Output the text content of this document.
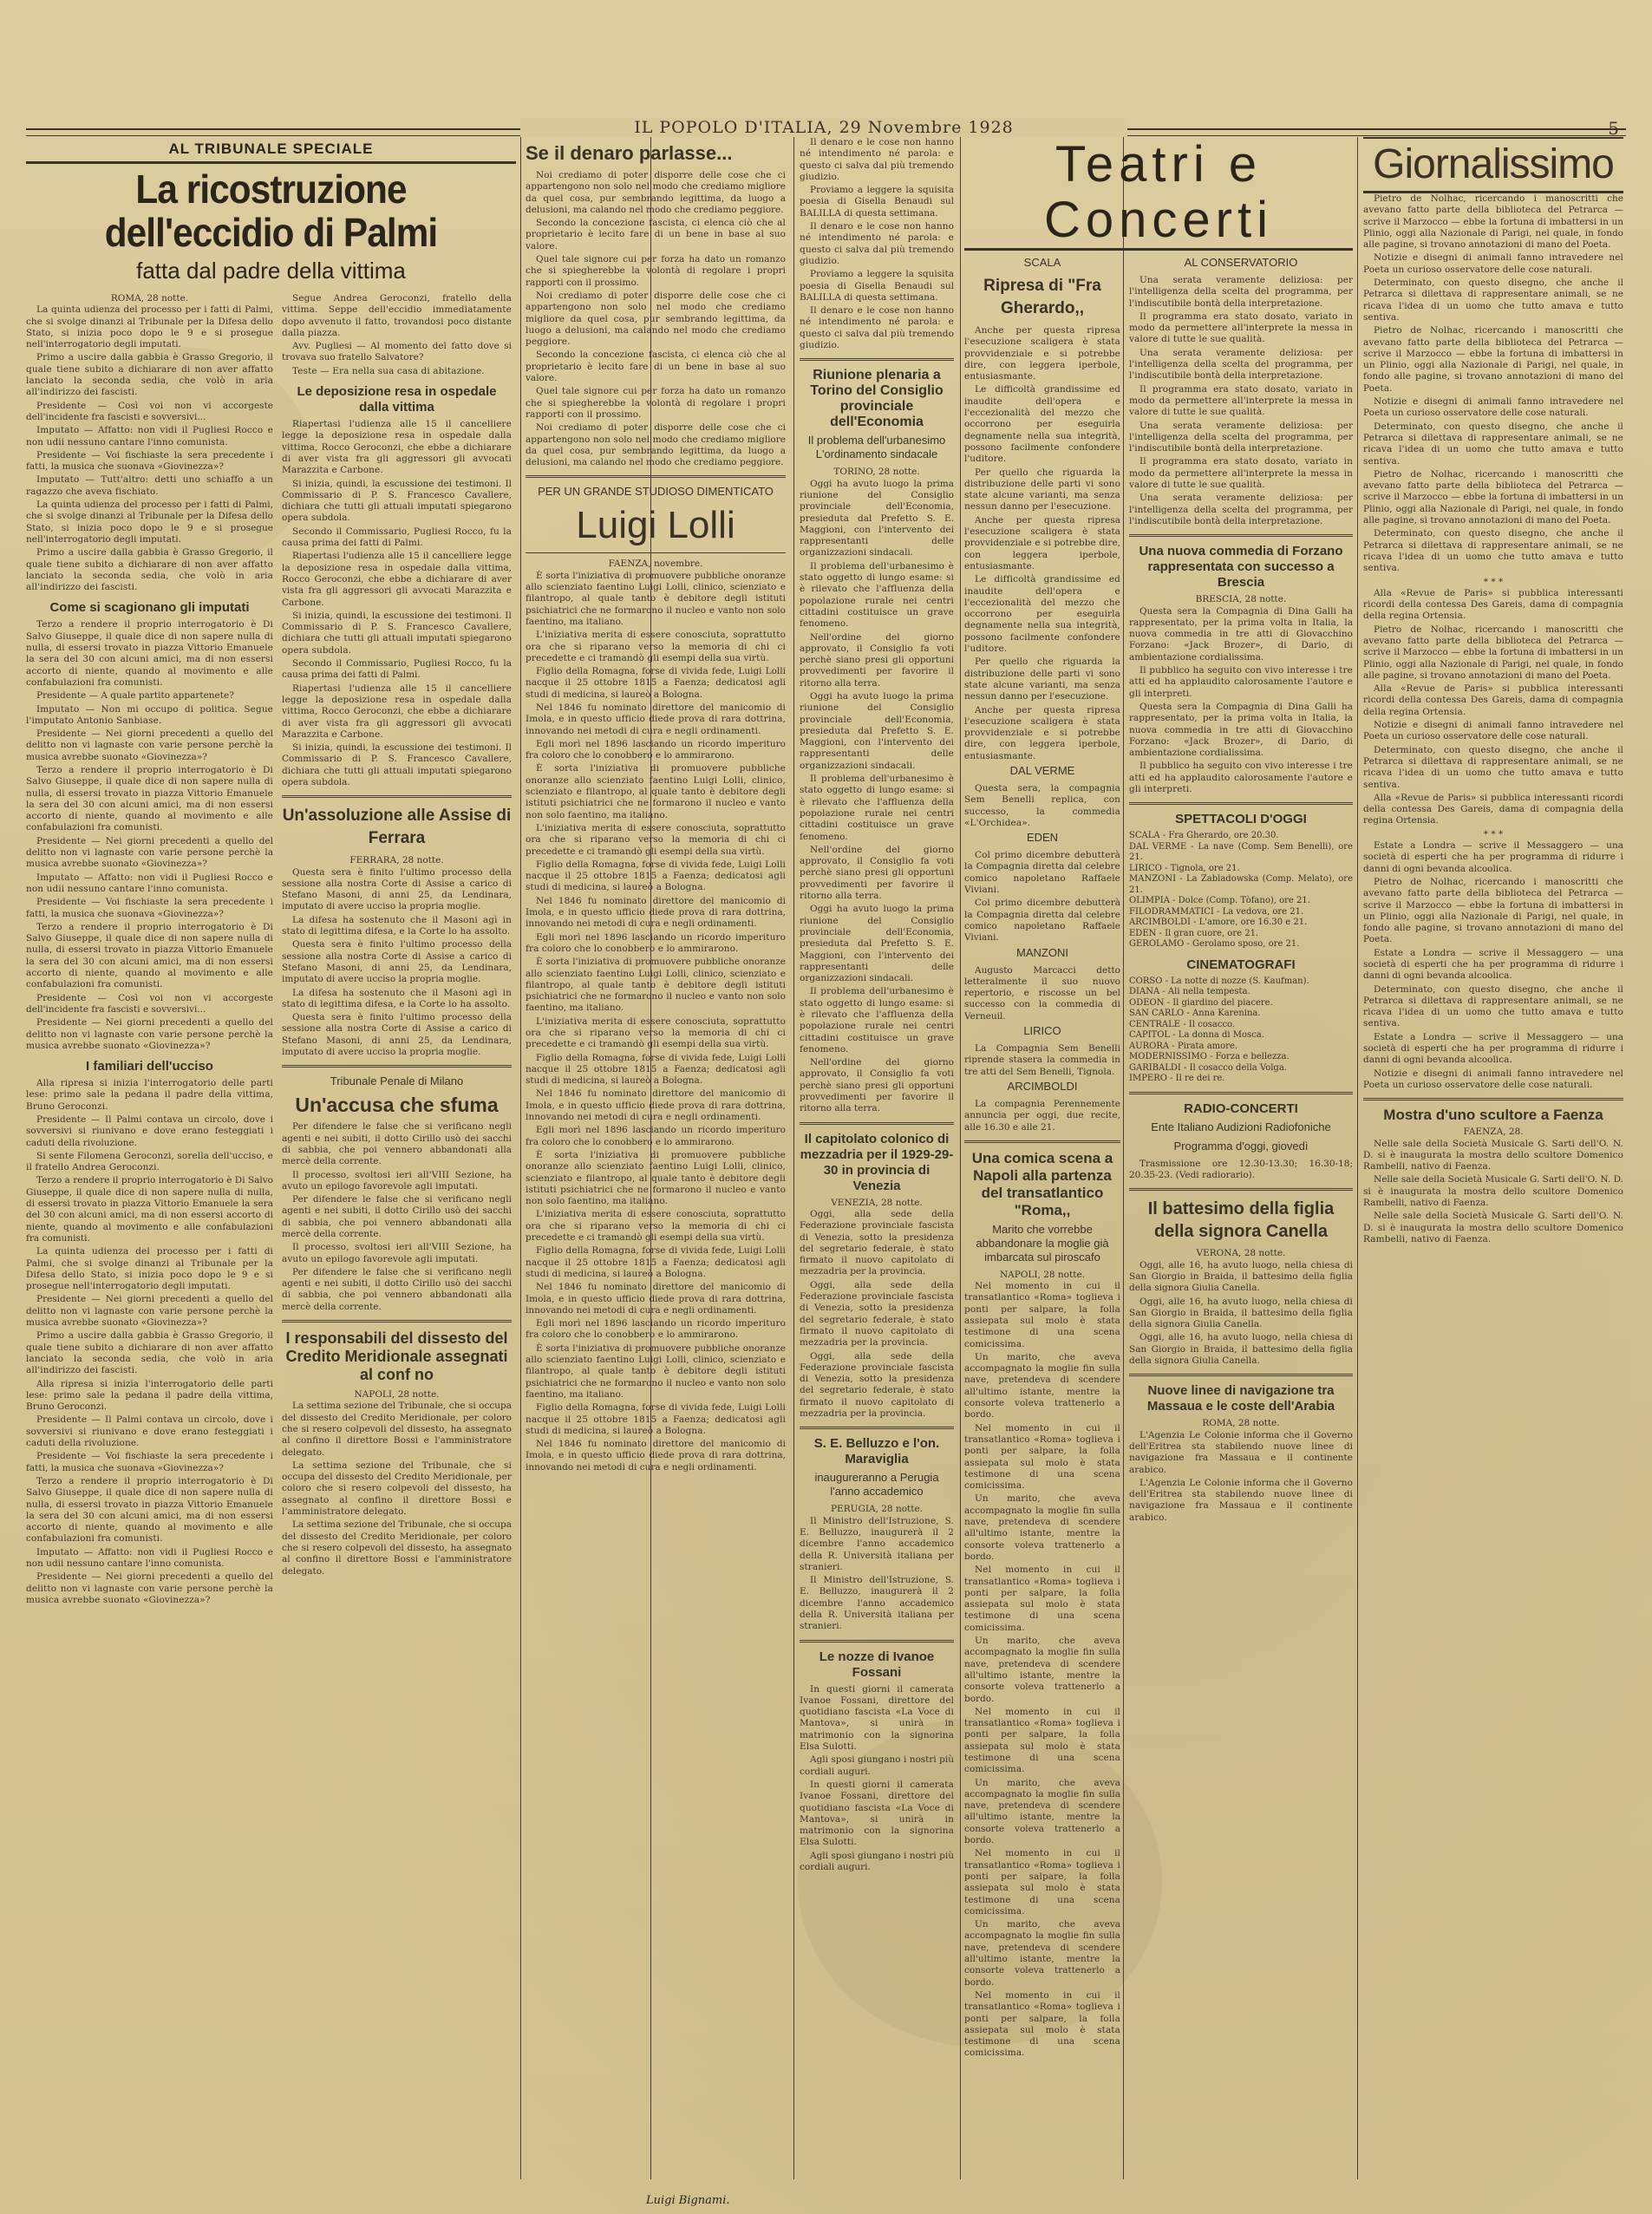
IL POPOLO D'ITALIA, 29 Novembre 1928	5
AL TRIBUNALE SPECIALE
La ricostruzione dell'eccidio di Palmi
fatta dal padre della vittima
ROMA, 28 notte.

La quinta udienza del processo per i fatti di Palmi, che si svolge dinanzi al Tribunale per la Difesa dello Stato, si inizia poco dopo le 9 e si prosegue nell'interrogatorio degli imputati.

Primo a uscire dalla gabbia è Grasso Gregorio, il quale tiene subito a dichiarare di non aver affatto lanciato la seconda sedia, che volò in aria all'indirizzo dei fascisti.

Presidente — Così voi non vi accorgeste dell'incidente fra fascisti e sovversivi...

Imputato — Affatto: non vidi il Pugliesi Rocco e non udii nessuno cantare l'inno comunista.

Presidente — Voi fischiaste la sera precedente i fatti, la musica che suonava «Giovinezza»?

Imputato — Tutt'altro: detti uno schiaffo a un ragazzo che aveva fischiato.

La quinta udienza del processo per i fatti di Palmi, che si svolge dinanzi al Tribunale per la Difesa dello Stato, si inizia poco dopo le 9 e si prosegue nell'interrogatorio degli imputati.

Primo a uscire dalla gabbia è Grasso Gregorio, il quale tiene subito a dichiarare di non aver affatto lanciato la seconda sedia, che volò in aria all'indirizzo dei fascisti.

Come si scagionano gli imputati

Terzo a rendere il proprio interrogatorio è Di Salvo Giuseppe, il quale dice di non sapere nulla di nulla, di essersi trovato in piazza Vittorio Emanuele la sera del 30 con alcuni amici, ma di non essersi accorto di niente, quando al movimento e alle confabulazioni fra comunisti.

Presidente — A quale partito appartenete?

Imputato — Non mi occupo di politica. Segue l'imputato Antonio Sanbiase.

Presidente — Nei giorni precedenti a quello del delitto non vi lagnaste con varie persone perchè la musica avrebbe suonato «Giovinezza»?

Terzo a rendere il proprio interrogatorio è Di Salvo Giuseppe, il quale dice di non sapere nulla di nulla, di essersi trovato in piazza Vittorio Emanuele la sera del 30 con alcuni amici, ma di non essersi accorto di niente, quando al movimento e alle confabulazioni fra comunisti.

Presidente — Nei giorni precedenti a quello del delitto non vi lagnaste con varie persone perchè la musica avrebbe suonato «Giovinezza»?

Imputato — Affatto: non vidi il Pugliesi Rocco e non udii nessuno cantare l'inno comunista.

Presidente — Voi fischiaste la sera precedente i fatti, la musica che suonava «Giovinezza»?

Terzo a rendere il proprio interrogatorio è Di Salvo Giuseppe, il quale dice di non sapere nulla di nulla, di essersi trovato in piazza Vittorio Emanuele la sera del 30 con alcuni amici, ma di non essersi accorto di niente, quando al movimento e alle confabulazioni fra comunisti.

Presidente — Così voi non vi accorgeste dell'incidente fra fascisti e sovversivi...

Presidente — Nei giorni precedenti a quello del delitto non vi lagnaste con varie persone perchè la musica avrebbe suonato «Giovinezza»?

I familiari dell'ucciso

Alla ripresa si inizia l'interrogatorio delle parti lese: primo sale la pedana il padre della vittima, Bruno Geroconzi.

Presidente — Il Palmi contava un circolo, dove i sovversivi si riunivano e dove erano festeggiati i caduti della rivoluzione.

Si sente Filomena Geroconzi, sorella dell'ucciso, e il fratello Andrea Geroconzi.

Terzo a rendere il proprio interrogatorio è Di Salvo Giuseppe, il quale dice di non sapere nulla di nulla, di essersi trovato in piazza Vittorio Emanuele la sera del 30 con alcuni amici, ma di non essersi accorto di niente, quando al movimento e alle confabulazioni fra comunisti.

La quinta udienza del processo per i fatti di Palmi, che si svolge dinanzi al Tribunale per la Difesa dello Stato, si inizia poco dopo le 9 e si prosegue nell'interrogatorio degli imputati.

Presidente — Nei giorni precedenti a quello del delitto non vi lagnaste con varie persone perchè la musica avrebbe suonato «Giovinezza»?

Primo a uscire dalla gabbia è Grasso Gregorio, il quale tiene subito a dichiarare di non aver affatto lanciato la seconda sedia, che volò in aria all'indirizzo dei fascisti.

Alla ripresa si inizia l'interrogatorio delle parti lese: primo sale la pedana il padre della vittima, Bruno Geroconzi.

Presidente — Il Palmi contava un circolo, dove i sovversivi si riunivano e dove erano festeggiati i caduti della rivoluzione.

Presidente — Voi fischiaste la sera precedente i fatti, la musica che suonava «Giovinezza»?

Terzo a rendere il proprio interrogatorio è Di Salvo Giuseppe, il quale dice di non sapere nulla di nulla, di essersi trovato in piazza Vittorio Emanuele la sera del 30 con alcuni amici, ma di non essersi accorto di niente, quando al movimento e alle confabulazioni fra comunisti.

Imputato — Affatto: non vidi il Pugliesi Rocco e non udii nessuno cantare l'inno comunista.

Presidente — Nei giorni precedenti a quello del delitto non vi lagnaste con varie persone perchè la musica avrebbe suonato «Giovinezza»?

Segue Andrea Geroconzi, fratello della vittima. Seppe dell'eccidio immediatamente dopo avvenuto il fatto, trovandosi poco distante dalla piazza.

Avv. Pugliesi — Al momento del fatto dove si trovava suo fratello Salvatore?

Teste — Era nella sua casa di abitazione.

Le deposizione resa in ospedale dalla vittima

Riapertasi l'udienza alle 15 il cancelliere legge la deposizione resa in ospedale dalla vittima, Rocco Geroconzi, che ebbe a dichiarare di aver vista fra gli aggressori gli avvocati Marazzita e Carbone.

Si inizia, quindi, la escussione dei testimoni. Il Commissario di P. S. Francesco Cavallere, dichiara che tutti gli attuali imputati spiegarono opera subdola.

Secondo il Commissario, Pugliesi Rocco, fu la causa prima dei fatti di Palmi.

Riapertasi l'udienza alle 15 il cancelliere legge la deposizione resa in ospedale dalla vittima, Rocco Geroconzi, che ebbe a dichiarare di aver vista fra gli aggressori gli avvocati Marazzita e Carbone.

Si inizia, quindi, la escussione dei testimoni. Il Commissario di P. S. Francesco Cavallere, dichiara che tutti gli attuali imputati spiegarono opera subdola.

Secondo il Commissario, Pugliesi Rocco, fu la causa prima dei fatti di Palmi.

Riapertasi l'udienza alle 15 il cancelliere legge la deposizione resa in ospedale dalla vittima, Rocco Geroconzi, che ebbe a dichiarare di aver vista fra gli aggressori gli avvocati Marazzita e Carbone.

Si inizia, quindi, la escussione dei testimoni. Il Commissario di P. S. Francesco Cavallere, dichiara che tutti gli attuali imputati spiegarono opera subdola.

Un'assoluzione alle Assise di Ferrara
FERRARA, 28 notte.

Questa sera è finito l'ultimo processo della sessione alla nostra Corte di Assise a carico di Stefano Masoni, di anni 25, da Lendinara, imputato di avere ucciso la propria moglie.

La difesa ha sostenuto che il Masoni agì in stato di legittima difesa, e la Corte lo ha assolto.

Questa sera è finito l'ultimo processo della sessione alla nostra Corte di Assise a carico di Stefano Masoni, di anni 25, da Lendinara, imputato di avere ucciso la propria moglie.

La difesa ha sostenuto che il Masoni agì in stato di legittima difesa, e la Corte lo ha assolto.

Questa sera è finito l'ultimo processo della sessione alla nostra Corte di Assise a carico di Stefano Masoni, di anni 25, da Lendinara, imputato di avere ucciso la propria moglie.

Tribunale Penale di Milano
Un'accusa che sfuma

Per difendere le false che si verificano negli agenti e nei subiti, il dotto Cirillo usò dei sacchi di sabbia, che poi vennero abbandonati alla mercè della corrente.

Il processo, svoltosi ieri all'VIII Sezione, ha avuto un epilogo favorevole agli imputati.

Per difendere le false che si verificano negli agenti e nei subiti, il dotto Cirillo usò dei sacchi di sabbia, che poi vennero abbandonati alla mercè della corrente.

Il processo, svoltosi ieri all'VIII Sezione, ha avuto un epilogo favorevole agli imputati.

Per difendere le false che si verificano negli agenti e nei subiti, il dotto Cirillo usò dei sacchi di sabbia, che poi vennero abbandonati alla mercè della corrente.

I responsabili del dissesto del Credito Meridionale assegnati al conf no
NAPOLI, 28 notte.

La settima sezione del Tribunale, che si occupa del dissesto del Credito Meridionale, per coloro che si resero colpevoli del dissesto, ha assegnato al confino il direttore Bossi e l'amministratore delegato.

La settima sezione del Tribunale, che si occupa del dissesto del Credito Meridionale, per coloro che si resero colpevoli del dissesto, ha assegnato al confino il direttore Bossi e l'amministratore delegato.

La settima sezione del Tribunale, che si occupa del dissesto del Credito Meridionale, per coloro che si resero colpevoli del dissesto, ha assegnato al confino il direttore Bossi e l'amministratore delegato.

Se il denaro parlasse...

Noi crediamo di poter disporre delle cose che ci appartengono non solo nel modo che crediamo migliore da quel cosa, pur sembrando legittima, da luogo a delusioni, ma calando nel modo che crediamo peggiore.

Secondo la concezione fascista, ci elenca ciò che al proprietario è lecito fare di un bene in base al suo valore.

Quel tale signore cui per forza ha dato un romanzo che si spiegherebbe la volontà di regolare i propri rapporti con il prossimo.

Noi crediamo di poter disporre delle cose che ci appartengono non solo nel modo che crediamo migliore da quel cosa, pur sembrando legittima, da luogo a delusioni, ma calando nel modo che crediamo peggiore.

Secondo la concezione fascista, ci elenca ciò che al proprietario è lecito fare di un bene in base al suo valore.

Quel tale signore cui per forza ha dato un romanzo che si spiegherebbe la volontà di regolare i propri rapporti con il prossimo.

Noi crediamo di poter disporre delle cose che ci appartengono non solo nel modo che crediamo migliore da quel cosa, pur sembrando legittima, da luogo a delusioni, ma calando nel modo che crediamo peggiore.

PER UN GRANDE STUDIOSO DIMENTICATO
Luigi Lolli
FAENZA, novembre.

È sorta l'iniziativa di promuovere pubbliche onoranze allo scienziato faentino Luigi Lolli, clinico, scienziato e filantropo, al quale tanto è debitore degli istituti psichiatrici che ne formarono il nucleo e vanto non solo faentino, ma italiano.

L'iniziativa merita di essere conosciuta, soprattutto ora che si riparano verso la memoria di chi ci precedette e ci tramandò gli esempi della sua virtù.

Figlio della Romagna, forse di vivida fede, Luigi Lolli nacque il 25 ottobre 1815 a Faenza; dedicatosi agli studi di medicina, si laureò a Bologna.

Nel 1846 fu nominato direttore del manicomio di Imola, e in questo ufficio diede prova di rara dottrina, innovando nei metodi di cura e negli ordinamenti.

Egli morì nel 1896 lasciando un ricordo imperituro fra coloro che lo conobbero e lo ammirarono.

È sorta l'iniziativa di promuovere pubbliche onoranze allo scienziato faentino Luigi Lolli, clinico, scienziato e filantropo, al quale tanto è debitore degli istituti psichiatrici che ne formarono il nucleo e vanto non solo faentino, ma italiano.

L'iniziativa merita di essere conosciuta, soprattutto ora che si riparano verso la memoria di chi ci precedette e ci tramandò gli esempi della sua virtù.

Figlio della Romagna, forse di vivida fede, Luigi Lolli nacque il 25 ottobre 1815 a Faenza; dedicatosi agli studi di medicina, si laureò a Bologna.

Nel 1846 fu nominato direttore del manicomio di Imola, e in questo ufficio diede prova di rara dottrina, innovando nei metodi di cura e negli ordinamenti.

Egli morì nel 1896 lasciando un ricordo imperituro fra coloro che lo conobbero e lo ammirarono.

È sorta l'iniziativa di promuovere pubbliche onoranze allo scienziato faentino Luigi Lolli, clinico, scienziato e filantropo, al quale tanto è debitore degli istituti psichiatrici che ne formarono il nucleo e vanto non solo faentino, ma italiano.

L'iniziativa merita di essere conosciuta, soprattutto ora che si riparano verso la memoria di chi ci precedette e ci tramandò gli esempi della sua virtù.

Figlio della Romagna, forse di vivida fede, Luigi Lolli nacque il 25 ottobre 1815 a Faenza; dedicatosi agli studi di medicina, si laureò a Bologna.

Nel 1846 fu nominato direttore del manicomio di Imola, e in questo ufficio diede prova di rara dottrina, innovando nei metodi di cura e negli ordinamenti.

Egli morì nel 1896 lasciando un ricordo imperituro fra coloro che lo conobbero e lo ammirarono.

È sorta l'iniziativa di promuovere pubbliche onoranze allo scienziato faentino Luigi Lolli, clinico, scienziato e filantropo, al quale tanto è debitore degli istituti psichiatrici che ne formarono il nucleo e vanto non solo faentino, ma italiano.

L'iniziativa merita di essere conosciuta, soprattutto ora che si riparano verso la memoria di chi ci precedette e ci tramandò gli esempi della sua virtù.

Figlio della Romagna, forse di vivida fede, Luigi Lolli nacque il 25 ottobre 1815 a Faenza; dedicatosi agli studi di medicina, si laureò a Bologna.

Nel 1846 fu nominato direttore del manicomio di Imola, e in questo ufficio diede prova di rara dottrina, innovando nei metodi di cura e negli ordinamenti.

Egli morì nel 1896 lasciando un ricordo imperituro fra coloro che lo conobbero e lo ammirarono.

È sorta l'iniziativa di promuovere pubbliche onoranze allo scienziato faentino Luigi Lolli, clinico, scienziato e filantropo, al quale tanto è debitore degli istituti psichiatrici che ne formarono il nucleo e vanto non solo faentino, ma italiano.

Figlio della Romagna, forse di vivida fede, Luigi Lolli nacque il 25 ottobre 1815 a Faenza; dedicatosi agli studi di medicina, si laureò a Bologna.

Nel 1846 fu nominato direttore del manicomio di Imola, e in questo ufficio diede prova di rara dottrina, innovando nei metodi di cura e negli ordinamenti.

Luigi Bignami.

Il denaro e le cose non hanno né intendimento né parola: e questo ci salva dal più tremendo giudizio.

Proviamo a leggere la squisita poesia di Gisella Benaudi sul BALILLA di questa settimana.

Il denaro e le cose non hanno né intendimento né parola: e questo ci salva dal più tremendo giudizio.

Proviamo a leggere la squisita poesia di Gisella Benaudi sul BALILLA di questa settimana.

Il denaro e le cose non hanno né intendimento né parola: e questo ci salva dal più tremendo giudizio.

Riunione plenaria a Torino del Consiglio provinciale dell'Economia
Il problema dell'urbanesimo L'ordinamento sindacale
TORINO, 28 notte.

Oggi ha avuto luogo la prima riunione del Consiglio provinciale dell'Economia, presieduta dal Prefetto S. E. Maggioni, con l'intervento dei rappresentanti delle organizzazioni sindacali.

Il problema dell'urbanesimo è stato oggetto di lungo esame: si è rilevato che l'affluenza della popolazione rurale nei centri cittadini costituisce un grave fenomeno.

Nell'ordine del giorno approvato, il Consiglio fa voti perchè siano presi gli opportuni provvedimenti per favorire il ritorno alla terra.

Oggi ha avuto luogo la prima riunione del Consiglio provinciale dell'Economia, presieduta dal Prefetto S. E. Maggioni, con l'intervento dei rappresentanti delle organizzazioni sindacali.

Il problema dell'urbanesimo è stato oggetto di lungo esame: si è rilevato che l'affluenza della popolazione rurale nei centri cittadini costituisce un grave fenomeno.

Nell'ordine del giorno approvato, il Consiglio fa voti perchè siano presi gli opportuni provvedimenti per favorire il ritorno alla terra.

Oggi ha avuto luogo la prima riunione del Consiglio provinciale dell'Economia, presieduta dal Prefetto S. E. Maggioni, con l'intervento dei rappresentanti delle organizzazioni sindacali.

Il problema dell'urbanesimo è stato oggetto di lungo esame: si è rilevato che l'affluenza della popolazione rurale nei centri cittadini costituisce un grave fenomeno.

Nell'ordine del giorno approvato, il Consiglio fa voti perchè siano presi gli opportuni provvedimenti per favorire il ritorno alla terra.

Il capitolato colonico di mezzadria per il 1929-29-30 in provincia di Venezia
VENEZIA, 28 notte.

Oggi, alla sede della Federazione provinciale fascista di Venezia, sotto la presidenza del segretario federale, è stato firmato il nuovo capitolato di mezzadria per la provincia.

Oggi, alla sede della Federazione provinciale fascista di Venezia, sotto la presidenza del segretario federale, è stato firmato il nuovo capitolato di mezzadria per la provincia.

Oggi, alla sede della Federazione provinciale fascista di Venezia, sotto la presidenza del segretario federale, è stato firmato il nuovo capitolato di mezzadria per la provincia.

S. E. Belluzzo e l'on. Maraviglia
inaugureranno a Perugia l'anno accademico
PERUGIA, 28 notte.

Il Ministro dell'Istruzione, S. E. Belluzzo, inaugurerà il 2 dicembre l'anno accademico della R. Università italiana per stranieri.

Il Ministro dell'Istruzione, S. E. Belluzzo, inaugurerà il 2 dicembre l'anno accademico della R. Università italiana per stranieri.

Le nozze di Ivanoe Fossani

In questi giorni il camerata Ivanoe Fossani, direttore del quotidiano fascista «La Voce di Mantova», si unirà in matrimonio con la signorina Elsa Sulotti.

Agli sposi giungano i nostri più cordiali auguri.

In questi giorni il camerata Ivanoe Fossani, direttore del quotidiano fascista «La Voce di Mantova», si unirà in matrimonio con la signorina Elsa Sulotti.

Agli sposi giungano i nostri più cordiali auguri.

Teatri e Concerti
SCALA
Ripresa di "Fra Gherardo,,

Anche per questa ripresa l'esecuzione scaligera è stata provvidenziale e si potrebbe dire, con leggera iperbole, entusiasmante.

Le difficoltà grandissime ed inaudite dell'opera e l'eccezionalità del mezzo che occorrono per eseguirla degnamente nella sua integrità, possono facilmente confondere l'uditore.

Per quello che riguarda la distribuzione delle parti vi sono state alcune varianti, ma senza nessun danno per l'esecuzione.

Anche per questa ripresa l'esecuzione scaligera è stata provvidenziale e si potrebbe dire, con leggera iperbole, entusiasmante.

Le difficoltà grandissime ed inaudite dell'opera e l'eccezionalità del mezzo che occorrono per eseguirla degnamente nella sua integrità, possono facilmente confondere l'uditore.

Per quello che riguarda la distribuzione delle parti vi sono state alcune varianti, ma senza nessun danno per l'esecuzione.

Anche per questa ripresa l'esecuzione scaligera è stata provvidenziale e si potrebbe dire, con leggera iperbole, entusiasmante.

DAL VERME

Questa sera, la compagnia Sem Benelli replica, con successo, la commedia «L'Orchidea».

EDEN

Col primo dicembre debutterà la Compagnia diretta dal celebre comico napoletano Raffaele Viviani.

Col primo dicembre debutterà la Compagnia diretta dal celebre comico napoletano Raffaele Viviani.

MANZONI

Augusto Marcacci detto letteralmente il suo nuovo repertorio, e riscosse un bel successo con la commedia di Verneuil.

LIRICO

La Compagnia Sem Benelli riprende stasera la commedia in tre atti del Sem Benelli, Tignola.

ARCIMBOLDI

La compagnia Perennemente annuncia per oggi, due recite, alle 16.30 e alle 21.

Una comica scena a Napoli alla partenza del transatlantico "Roma,,
Marito che vorrebbe abbandonare la moglie già imbarcata sul piroscafo
NAPOLI, 28 notte.

Nel momento in cui il transatlantico «Roma» toglieva i ponti per salpare, la folla assiepata sul molo è stata testimone di una scena comicissima.

Un marito, che aveva accompagnato la moglie fin sulla nave, pretendeva di scendere all'ultimo istante, mentre la consorte voleva trattenerlo a bordo.

Nel momento in cui il transatlantico «Roma» toglieva i ponti per salpare, la folla assiepata sul molo è stata testimone di una scena comicissima.

Un marito, che aveva accompagnato la moglie fin sulla nave, pretendeva di scendere all'ultimo istante, mentre la consorte voleva trattenerlo a bordo.

Nel momento in cui il transatlantico «Roma» toglieva i ponti per salpare, la folla assiepata sul molo è stata testimone di una scena comicissima.

Un marito, che aveva accompagnato la moglie fin sulla nave, pretendeva di scendere all'ultimo istante, mentre la consorte voleva trattenerlo a bordo.

Nel momento in cui il transatlantico «Roma» toglieva i ponti per salpare, la folla assiepata sul molo è stata testimone di una scena comicissima.

Un marito, che aveva accompagnato la moglie fin sulla nave, pretendeva di scendere all'ultimo istante, mentre la consorte voleva trattenerlo a bordo.

Nel momento in cui il transatlantico «Roma» toglieva i ponti per salpare, la folla assiepata sul molo è stata testimone di una scena comicissima.

Un marito, che aveva accompagnato la moglie fin sulla nave, pretendeva di scendere all'ultimo istante, mentre la consorte voleva trattenerlo a bordo.

Nel momento in cui il transatlantico «Roma» toglieva i ponti per salpare, la folla assiepata sul molo è stata testimone di una scena comicissima.

AL CONSERVATORIO

Una serata veramente deliziosa: per l'intelligenza della scelta del programma, per l'indiscutibile bontà della interpretazione.

Il programma era stato dosato, variato in modo da permettere all'interprete la messa in valore di tutte le sue qualità.

Una serata veramente deliziosa: per l'intelligenza della scelta del programma, per l'indiscutibile bontà della interpretazione.

Il programma era stato dosato, variato in modo da permettere all'interprete la messa in valore di tutte le sue qualità.

Una serata veramente deliziosa: per l'intelligenza della scelta del programma, per l'indiscutibile bontà della interpretazione.

Il programma era stato dosato, variato in modo da permettere all'interprete la messa in valore di tutte le sue qualità.

Una serata veramente deliziosa: per l'intelligenza della scelta del programma, per l'indiscutibile bontà della interpretazione.

Una nuova commedia di Forzano rappresentata con successo a Brescia
BRESCIA, 28 notte.

Questa sera la Compagnia di Dina Galli ha rappresentato, per la prima volta in Italia, la nuova commedia in tre atti di Giovacchino Forzano: «Jack Brozer», di Dario, di ambientazione cordialissima.

Il pubblico ha seguito con vivo interesse i tre atti ed ha applaudito calorosamente l'autore e gli interpreti.

Questa sera la Compagnia di Dina Galli ha rappresentato, per la prima volta in Italia, la nuova commedia in tre atti di Giovacchino Forzano: «Jack Brozer», di Dario, di ambientazione cordialissima.

Il pubblico ha seguito con vivo interesse i tre atti ed ha applaudito calorosamente l'autore e gli interpreti.

SPETTACOLI D'OGGI
SCALA - Fra Gherardo, ore 20.30.
DAL VERME - La nave (Comp. Sem Benelli), ore 21.
LIRICO - Tignola, ore 21.
MANZONI - La Zabladowska (Comp. Melato), ore 21.
OLIMPIA - Dolce (Comp. Tòfano), ore 21.
FILODRAMMATICI - La vedova, ore 21.
ARCIMBOLDI - L'amore, ore 16.30 e 21.
EDEN - Il gran cuore, ore 21.
GEROLAMO - Gerolamo sposo, ore 21.
CINEMATOGRAFI
CORSO - La notte di nozze (S. Kaufman).
DIANA - Ali nella tempesta.
ODEON - Il giardino del piacere.
SAN CARLO - Anna Karenina.
CENTRALE - Il cosacco.
CAPITOL - La donna di Mosca.
AURORA - Pirata amore.
MODERNISSIMO - Forza e bellezza.
GARIBALDI - Il cosacco della Volga.
IMPERO - Il re dei re.
RADIO-CONCERTI
Ente Italiano Audizioni Radiofoniche
Programma d'oggi, giovedì

Trasmissione ore 12.30-13.30; 16.30-18; 20.35-23. (Vedi radiorario).

Il battesimo della figlia della signora Canella
VERONA, 28 notte.

Oggi, alle 16, ha avuto luogo, nella chiesa di San Giorgio in Braida, il battesimo della figlia della signora Giulia Canella.

Oggi, alle 16, ha avuto luogo, nella chiesa di San Giorgio in Braida, il battesimo della figlia della signora Giulia Canella.

Oggi, alle 16, ha avuto luogo, nella chiesa di San Giorgio in Braida, il battesimo della figlia della signora Giulia Canella.

Nuove linee di navigazione tra Massaua e le coste dell'Arabia
ROMA, 28 notte.

L'Agenzia Le Colonie informa che il Governo dell'Eritrea sta stabilendo nuove linee di navigazione fra Massaua e il continente arabico.

L'Agenzia Le Colonie informa che il Governo dell'Eritrea sta stabilendo nuove linee di navigazione fra Massaua e il continente arabico.

Giornalissimo

Pietro de Nolhac, ricercando i manoscritti che avevano fatto parte della biblioteca del Petrarca — scrive il Marzocco — ebbe la fortuna di imbattersi in un Plinio, oggi alla Nazionale di Parigi, nel quale, in fondo alle pagine, si trovano annotazioni di mano del Poeta.

Notizie e disegni di animali fanno intravedere nel Poeta un curioso osservatore delle cose naturali.

Determinato, con questo disegno, che anche il Petrarca si dilettava di rappresentare animali, se ne ricava l'idea di un uomo che tutto amava e tutto sentiva.

Pietro de Nolhac, ricercando i manoscritti che avevano fatto parte della biblioteca del Petrarca — scrive il Marzocco — ebbe la fortuna di imbattersi in un Plinio, oggi alla Nazionale di Parigi, nel quale, in fondo alle pagine, si trovano annotazioni di mano del Poeta.

Notizie e disegni di animali fanno intravedere nel Poeta un curioso osservatore delle cose naturali.

Determinato, con questo disegno, che anche il Petrarca si dilettava di rappresentare animali, se ne ricava l'idea di un uomo che tutto amava e tutto sentiva.

Pietro de Nolhac, ricercando i manoscritti che avevano fatto parte della biblioteca del Petrarca — scrive il Marzocco — ebbe la fortuna di imbattersi in un Plinio, oggi alla Nazionale di Parigi, nel quale, in fondo alle pagine, si trovano annotazioni di mano del Poeta.

Determinato, con questo disegno, che anche il Petrarca si dilettava di rappresentare animali, se ne ricava l'idea di un uomo che tutto amava e tutto sentiva.

* * *

Alla «Revue de Paris» si pubblica interessanti ricordi della contessa Des Gareis, dama di compagnia della regina Ortensia.

Pietro de Nolhac, ricercando i manoscritti che avevano fatto parte della biblioteca del Petrarca — scrive il Marzocco — ebbe la fortuna di imbattersi in un Plinio, oggi alla Nazionale di Parigi, nel quale, in fondo alle pagine, si trovano annotazioni di mano del Poeta.

Alla «Revue de Paris» si pubblica interessanti ricordi della contessa Des Gareis, dama di compagnia della regina Ortensia.

Notizie e disegni di animali fanno intravedere nel Poeta un curioso osservatore delle cose naturali.

Determinato, con questo disegno, che anche il Petrarca si dilettava di rappresentare animali, se ne ricava l'idea di un uomo che tutto amava e tutto sentiva.

Alla «Revue de Paris» si pubblica interessanti ricordi della contessa Des Gareis, dama di compagnia della regina Ortensia.

* * *

Estate a Londra — scrive il Messaggero — una società di esperti che ha per programma di ridurre i danni di ogni bevanda alcoolica.

Pietro de Nolhac, ricercando i manoscritti che avevano fatto parte della biblioteca del Petrarca — scrive il Marzocco — ebbe la fortuna di imbattersi in un Plinio, oggi alla Nazionale di Parigi, nel quale, in fondo alle pagine, si trovano annotazioni di mano del Poeta.

Estate a Londra — scrive il Messaggero — una società di esperti che ha per programma di ridurre i danni di ogni bevanda alcoolica.

Determinato, con questo disegno, che anche il Petrarca si dilettava di rappresentare animali, se ne ricava l'idea di un uomo che tutto amava e tutto sentiva.

Estate a Londra — scrive il Messaggero — una società di esperti che ha per programma di ridurre i danni di ogni bevanda alcoolica.

Notizie e disegni di animali fanno intravedere nel Poeta un curioso osservatore delle cose naturali.

Mostra d'uno scultore a Faenza
FAENZA, 28.

Nelle sale della Società Musicale G. Sarti dell'O. N. D. si è inaugurata la mostra dello scultore Domenico Rambelli, nativo di Faenza.

Nelle sale della Società Musicale G. Sarti dell'O. N. D. si è inaugurata la mostra dello scultore Domenico Rambelli, nativo di Faenza.

Nelle sale della Società Musicale G. Sarti dell'O. N. D. si è inaugurata la mostra dello scultore Domenico Rambelli, nativo di Faenza.
